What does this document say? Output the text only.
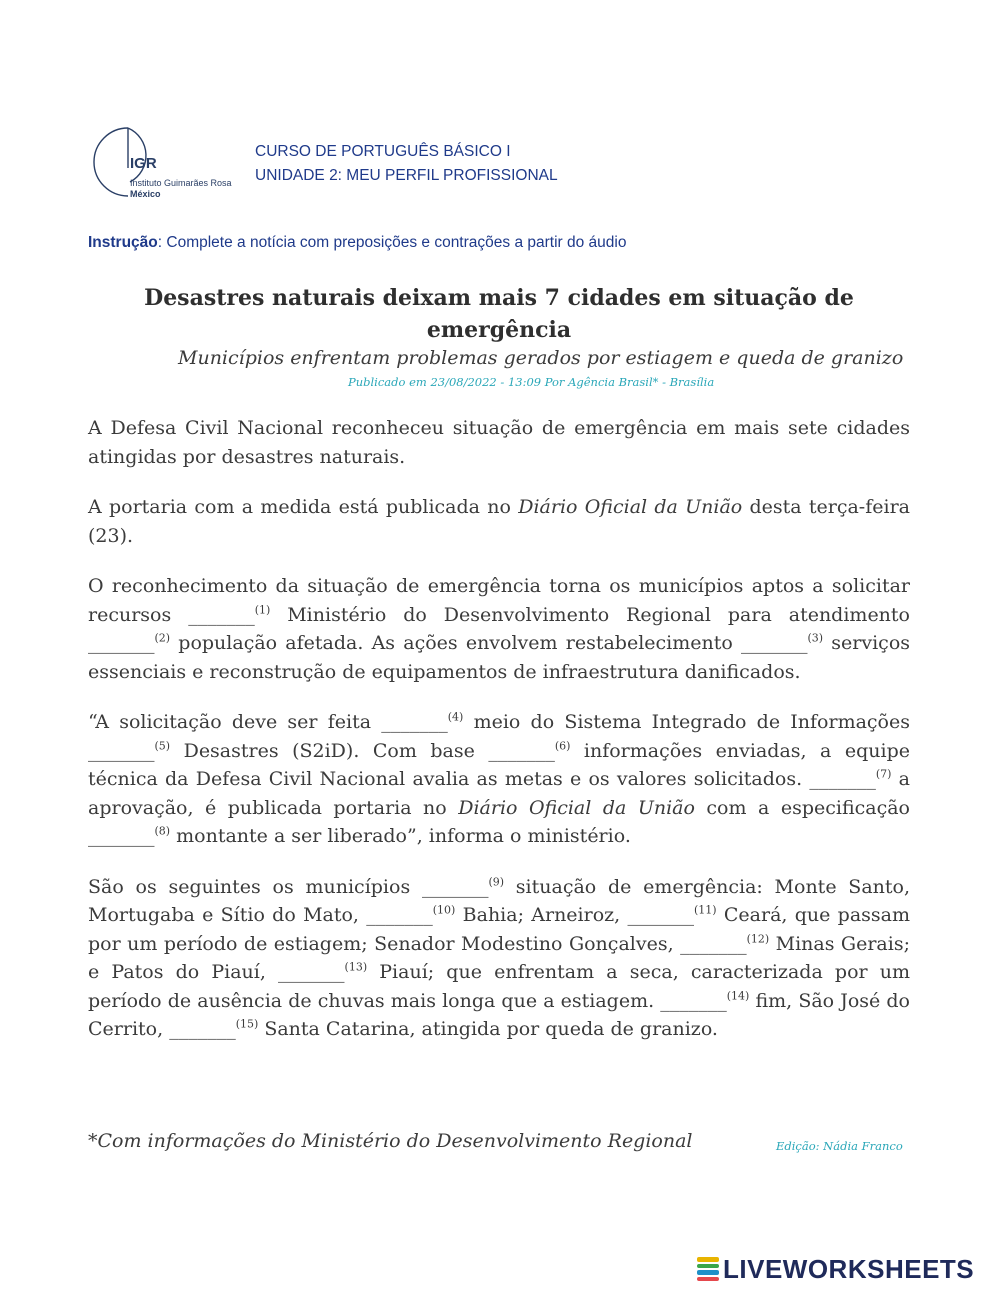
IGR
Instituto Guimarães Rosa
México
CURSO DE PORTUGUÊS BÁSICO I
UNIDADE 2: MEU PERFIL PROFISSIONAL
Instrução: Complete a notícia com preposições e contrações a partir do áudio
Desastres naturais deixam mais 7 cidades em situação de emergência
Municípios enfrentam problemas gerados por estiagem e queda de granizo
Publicado em 23/08/2022 - 13:09 Por Agência Brasil* - Brasília

A Defesa Civil Nacional reconheceu situação de emergência em mais sete cidades atingidas por desastres naturais.

A portaria com a medida está publicada no Diário Oficial da União desta terça-feira (23).

O reconhecimento da situação de emergência torna os municípios aptos a solicitar recursos _______$^{(1)}$ Ministério do Desenvolvimento Regional para atendimento _______$^{(2)}$ população afetada. As ações envolvem restabelecimento _______$^{(3)}$ serviços essenciais e reconstrução de equipamentos de infraestrutura danificados.

“A solicitação deve ser feita _______$^{(4)}$ meio do Sistema Integrado de Informações _______$^{(5)}$ Desastres (S2iD). Com base _______$^{(6)}$ informações enviadas, a equipe técnica da Defesa Civil Nacional avalia as metas e os valores solicitados. _______$^{(7)}$ a aprovação, é publicada portaria no Diário Oficial da União com a especificação _______$^{(8)}$ montante a ser liberado”, informa o ministério.

São os seguintes os municípios _______$^{(9)}$ situação de emergência: Monte Santo, Mortugaba e Sítio do Mato, _______$^{(10)}$ Bahia; Arneiroz, _______$^{(11)}$ Ceará, que passam por um período de estiagem; Senador Modestino Gonçalves, _______$^{(12)}$ Minas Gerais; e Patos do Piauí, _______$^{(13)}$ Piauí; que enfrentam a seca, caracterizada por um período de ausência de chuvas mais longa que a estiagem. _______$^{(14)}$ fim, São José do Cerrito, _______$^{(15)}$ Santa Catarina, atingida por queda de granizo.

*Com informações do Ministério do Desenvolvimento Regional	Edição: Nádia Franco
LIVEWORKSHEETS
